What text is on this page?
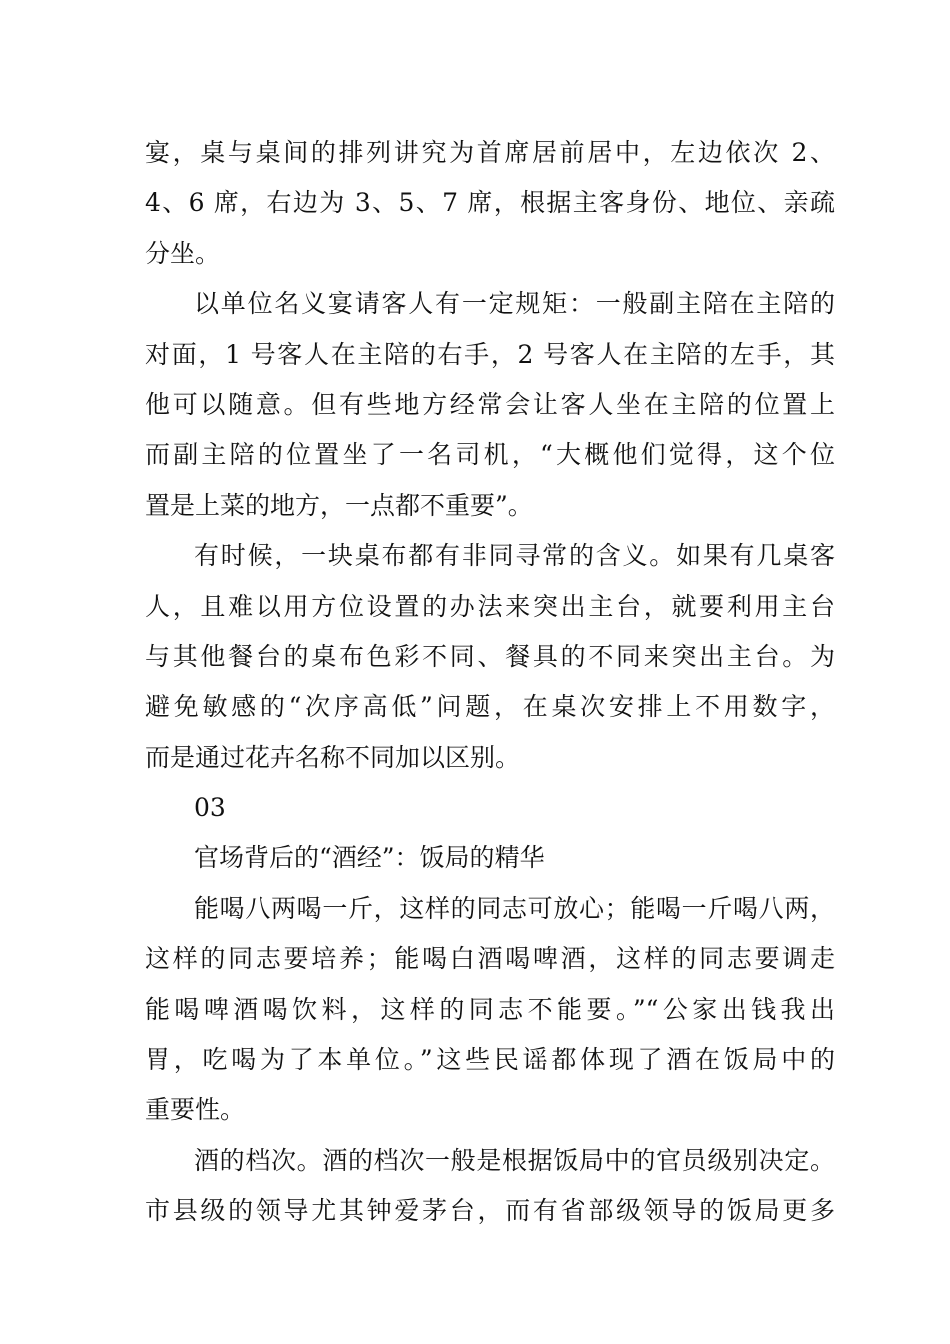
宴，桌与桌间的排列讲究为首席居前居中，左边依次 2、
4、6 席，右边为 3、5、7 席，根据主客身份、地位、亲疏
分坐。
以单位名义宴请客人有一定规矩：一般副主陪在主陪的
对面，1 号客人在主陪的右手，2 号客人在主陪的左手，其
他可以随意。但有些地方经常会让客人坐在主陪的位置上
而副主陪的位置坐了一名司机，“大概他们觉得，这个位
置是上菜的地方，一点都不重要”。
有时候，一块桌布都有非同寻常的含义。如果有几桌客
人，且难以用方位设置的办法来突出主台，就要利用主台
与其他餐台的桌布色彩不同、餐具的不同来突出主台。为
避免敏感的“次序高低”问题，在桌次安排上不用数字，
而是通过花卉名称不同加以区别。
03
官场背后的“酒经”：饭局的精华
能喝八两喝一斤，这样的同志可放心；能喝一斤喝八两，
这样的同志要培养；能喝白酒喝啤酒，这样的同志要调走
能喝啤酒喝饮料，这样的同志不能要。”“公家出钱我出
胃，吃喝为了本单位。”这些民谣都体现了酒在饭局中的
重要性。
酒的档次。酒的档次一般是根据饭局中的官员级别决定。
市县级的领导尤其钟爱茅台，而有省部级领导的饭局更多
